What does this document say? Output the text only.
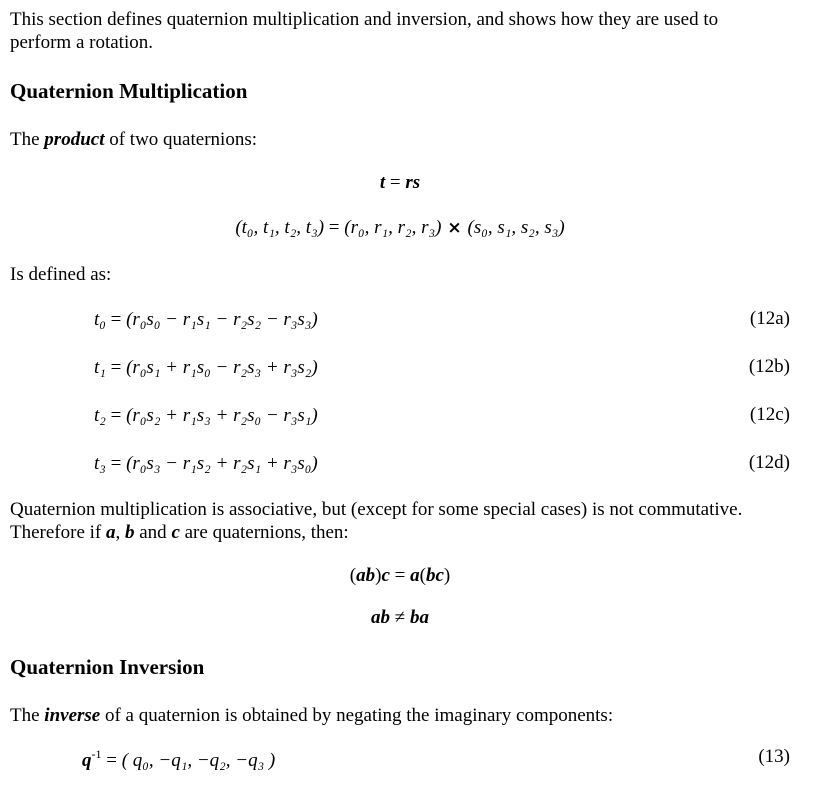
This section defines quaternion multiplication and inversion, and shows how they are used to
perform a rotation.
Quaternion Multiplication
The product of two quaternions:
t = rs
(t₀, t₁, t₂, t₃) = (r₀, r₁, r₂, r₃) × (s₀, s₁, s₂, s₃)
Is defined as:
t₀ = (r₀s₀ − r₁s₁ − r₂s₂ − r₃s₃)	(12a)
t₁ = (r₀s₁ + r₁s₀ − r₂s₃ + r₃s₂)	(12b)
t₂ = (r₀s₂ + r₁s₃ + r₂s₀ − r₃s₁)	(12c)
t₃ = (r₀s₃ − r₁s₂ + r₂s₁ + r₃s₀)	(12d)
Quaternion multiplication is associative, but (except for some special cases) is not commutative.
Therefore if a, b and c are quaternions, then:
(ab)c = a(bc)
ab ≠ ba
Quaternion Inversion
The inverse of a quaternion is obtained by negating the imaginary components:
$q^{-1}$ = ( q₀, −q₁, −q₂, −q₃ )	(13)
